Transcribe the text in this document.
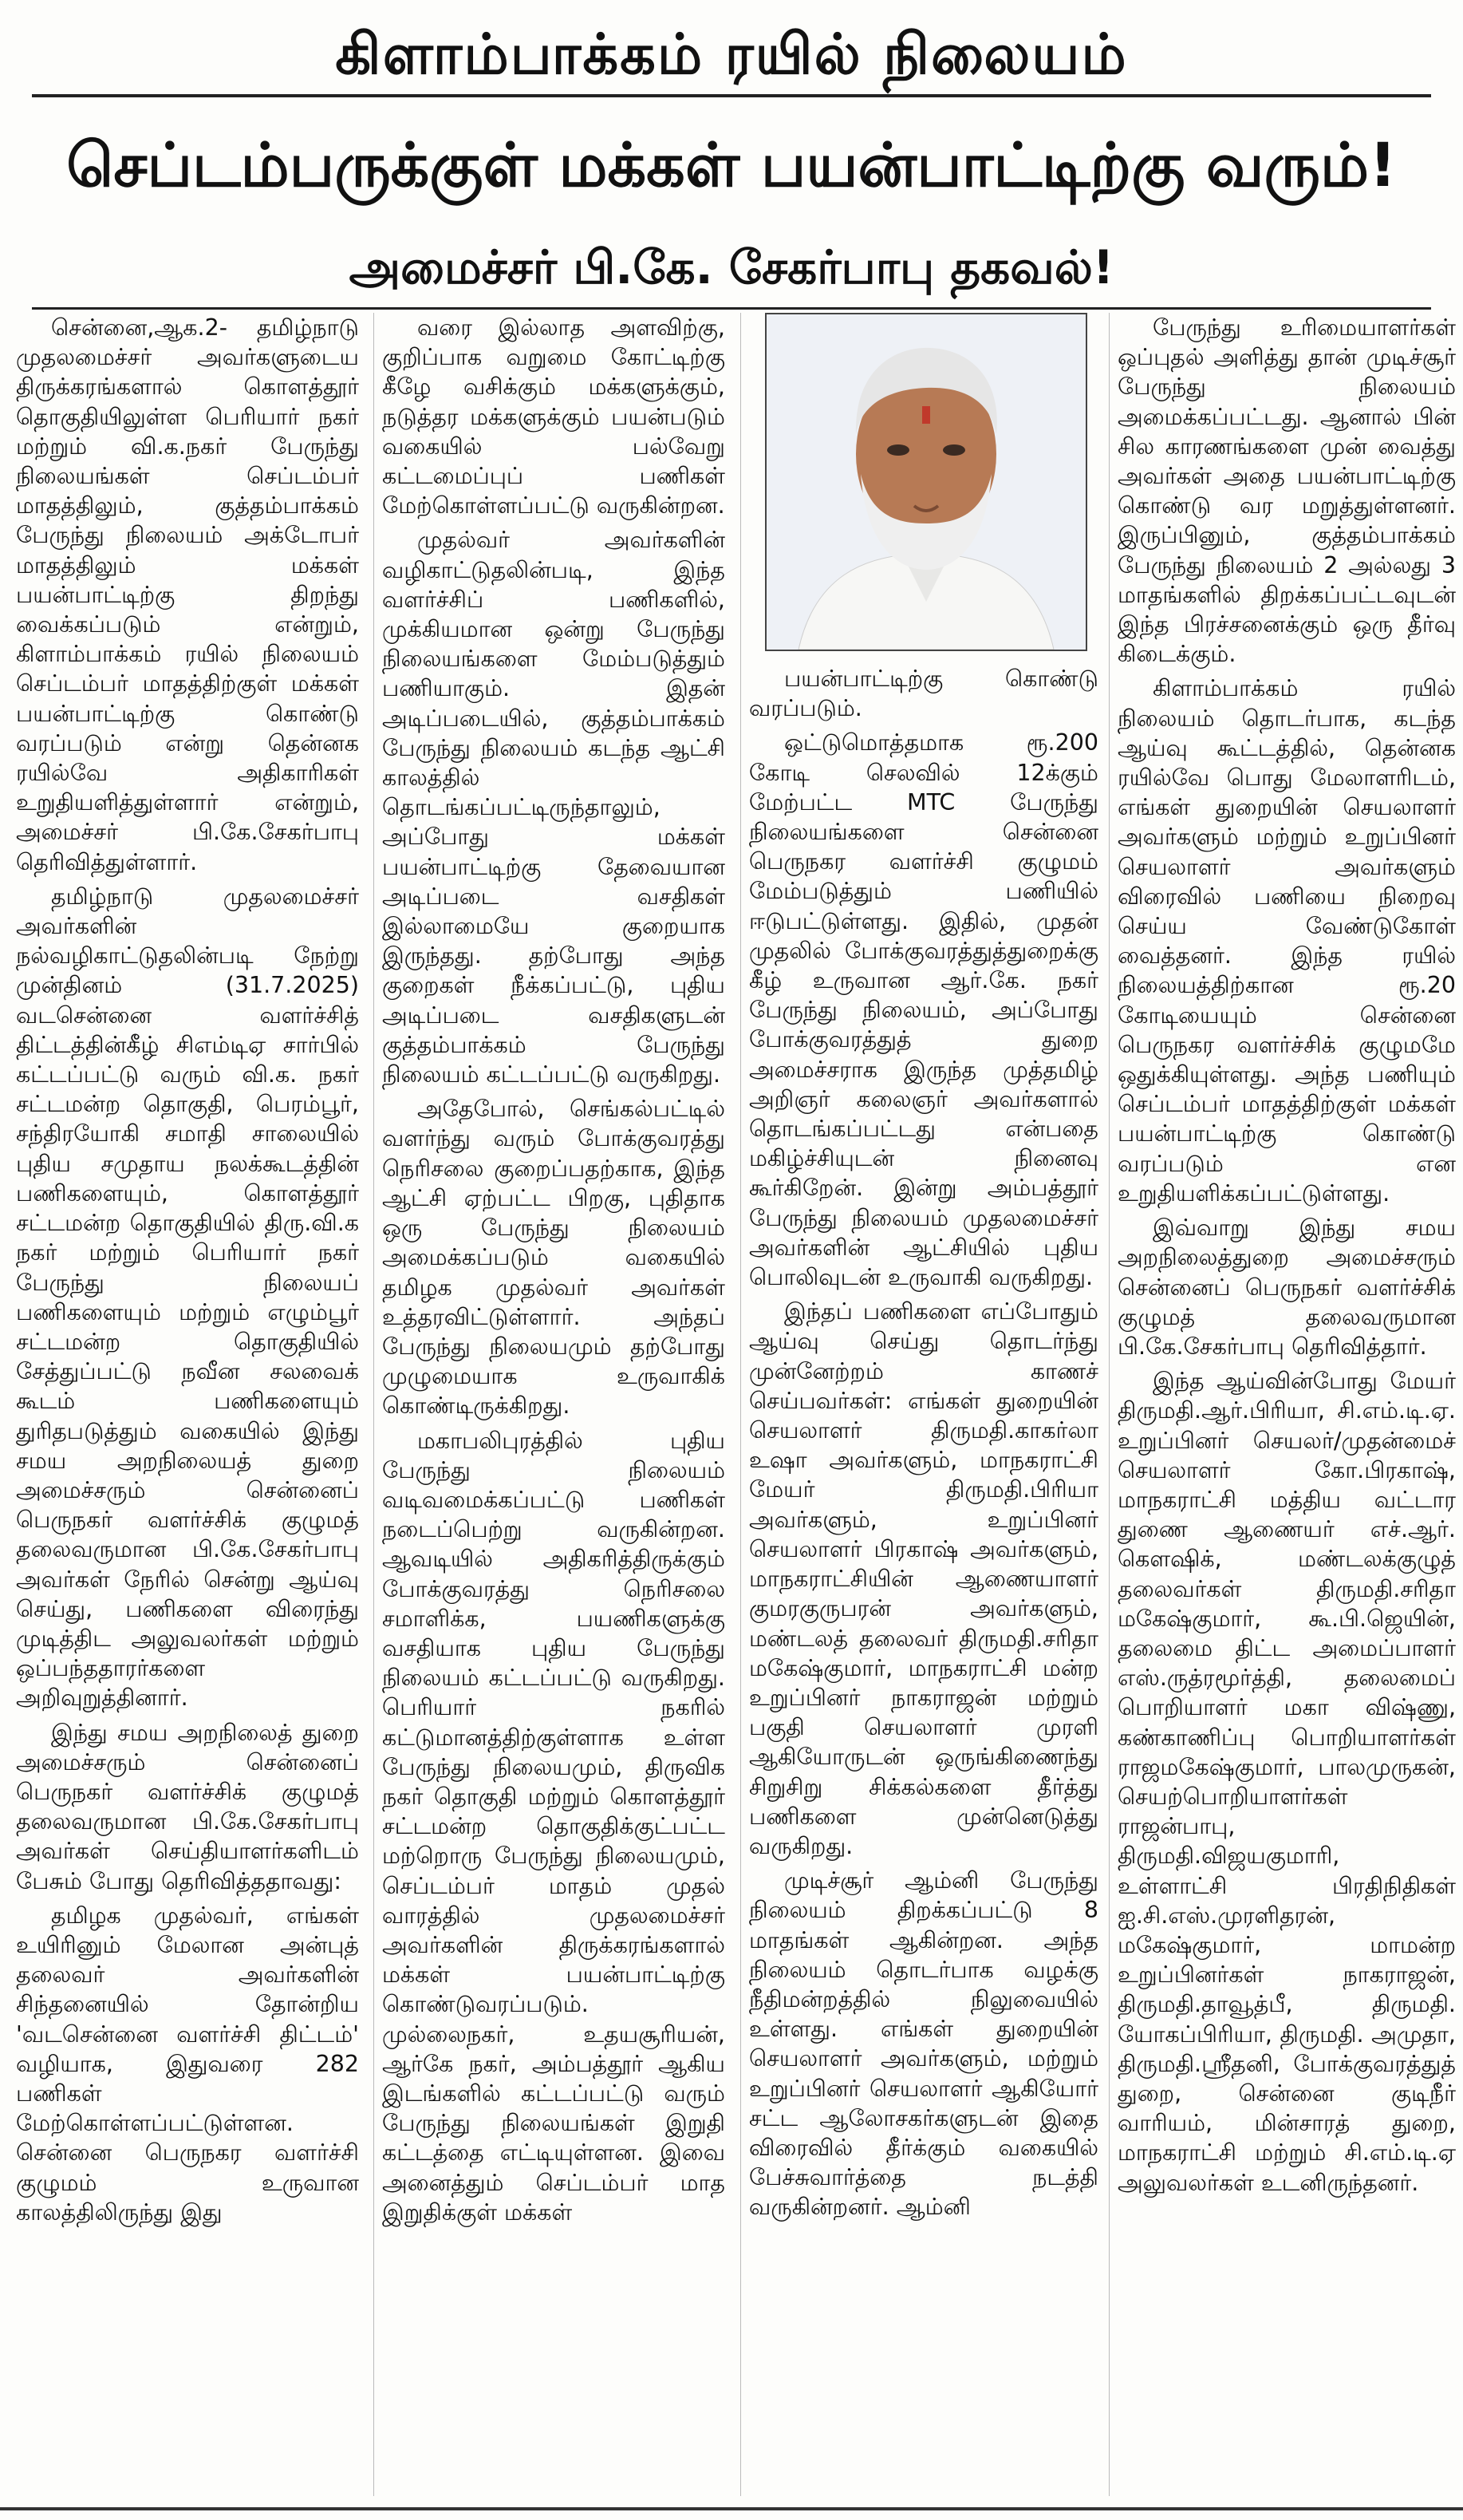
கிளாம்பாக்கம் ரயில் நிலையம்
செப்டம்பருக்குள் மக்கள் பயன்பாட்டிற்கு வரும்!
அமைச்சர் பி.கே. சேகர்பாபு தகவல்!

சென்னை,ஆக.2- தமிழ்நாடு முதலமைச்சர் அவர்களுடைய திருக்கரங்களால் கொளத்தூர் தொகுதியிலுள்ள பெரியார் நகர் மற்றும் வி.க.நகர் பேருந்து நிலையங்கள் செப்டம்பர் மாதத்திலும், குத்தம்பாக்கம் பேருந்து நிலையம் அக்டோபர் மாதத்திலும் மக்கள் பயன்பாட்டிற்கு திறந்து வைக்கப்படும் என்றும், கிளாம்பாக்கம் ரயில் நிலையம் செப்டம்பர் மாதத்திற்குள் மக்கள் பயன்பாட்டிற்கு கொண்டு வரப்படும் என்று தென்னக ரயில்வே அதிகாரிகள் உறுதியளித்துள்ளார் என்றும், அமைச்சர் பி.கே.சேகர்பாபு தெரிவித்துள்ளார்.

தமிழ்நாடு முதலமைச்சர் அவர்களின் நல்வழிகாட்டுதலின்படி நேற்று முன்தினம் (31.7.2025) வடசென்னை வளர்ச்சித் திட்டத்தின்கீழ் சிஎம்டிஏ சார்பில் கட்டப்பட்டு வரும் வி.க. நகர் சட்டமன்ற தொகுதி, பெரம்பூர், சந்திரயோகி சமாதி சாலையில் புதிய சமுதாய நலக்கூடத்தின் பணிகளையும், கொளத்தூர் சட்டமன்ற தொகுதியில் திரு.வி.க நகர் மற்றும் பெரியார் நகர் பேருந்து நிலையப் பணிகளையும் மற்றும் எழும்பூர் சட்டமன்ற தொகுதியில் சேத்துப்பட்டு நவீன சலவைக் கூடம் பணிகளையும் துரிதபடுத்தும் வகையில் இந்து சமய அறநிலையத் துறை அமைச்சரும் சென்னைப் பெருநகர் வளர்ச்சிக் குழுமத் தலைவருமான பி.கே.சேகர்பாபு அவர்கள் நேரில் சென்று ஆய்வு செய்து, பணிகளை விரைந்து முடித்திட அலுவலர்கள் மற்றும் ஒப்பந்ததாரர்களை அறிவுறுத்தினார்.

இந்து சமய அறநிலைத் துறை அமைச்சரும் சென்னைப் பெருநகர் வளர்ச்சிக் குழுமத் தலைவருமான பி.கே.சேகர்பாபு அவர்கள் செய்தியாளர்களிடம் பேசும் போது தெரிவித்ததாவது:

தமிழக முதல்வர், எங்கள் உயிரினும் மேலான அன்புத் தலைவர் அவர்களின் சிந்தனையில் தோன்றிய 'வடசென்னை வளர்ச்சி திட்டம்' வழியாக, இதுவரை 282 பணிகள் மேற்கொள்ளப்பட்டுள்ளன. சென்னை பெருநகர வளர்ச்சி குழுமம் உருவான காலத்திலிருந்து இது

வரை இல்லாத அளவிற்கு, குறிப்பாக வறுமை கோட்டிற்கு கீழே வசிக்கும் மக்களுக்கும், நடுத்தர மக்களுக்கும் பயன்படும் வகையில் பல்வேறு கட்டமைப்புப் பணிகள் மேற்கொள்ளப்பட்டு வருகின்றன.

முதல்வர் அவர்களின் வழிகாட்டுதலின்படி, இந்த வளர்ச்சிப் பணிகளில், முக்கியமான ஒன்று பேருந்து நிலையங்களை மேம்படுத்தும் பணியாகும். இதன் அடிப்படையில், குத்தம்பாக்கம் பேருந்து நிலையம் கடந்த ஆட்சி காலத்தில் தொடங்கப்பட்டிருந்தாலும், அப்போது மக்கள் பயன்பாட்டிற்கு தேவையான அடிப்படை வசதிகள் இல்லாமையே குறையாக இருந்தது. தற்போது அந்த குறைகள் நீக்கப்பட்டு, புதிய அடிப்படை வசதிகளுடன் குத்தம்பாக்கம் பேருந்து நிலையம் கட்டப்பட்டு வருகிறது.

அதேபோல், செங்கல்பட்டில் வளர்ந்து வரும் போக்குவரத்து நெரிசலை குறைப்பதற்காக, இந்த ஆட்சி ஏற்பட்ட பிறகு, புதிதாக ஒரு பேருந்து நிலையம் அமைக்கப்படும் வகையில் தமிழக முதல்வர் அவர்கள் உத்தரவிட்டுள்ளார். அந்தப் பேருந்து நிலையமும் தற்போது முழுமையாக உருவாகிக் கொண்டிருக்கிறது.

மகாபலிபுரத்தில் புதிய பேருந்து நிலையம் வடிவமைக்கப்பட்டு பணிகள் நடைப்பெற்று வருகின்றன. ஆவடியில் அதிகரித்திருக்கும் போக்குவரத்து நெரிசலை சமாளிக்க, பயணிகளுக்கு வசதியாக புதிய பேருந்து நிலையம் கட்டப்பட்டு வருகிறது. பெரியார் நகரில் கட்டுமானத்திற்குள்ளாக உள்ள பேருந்து நிலையமும், திருவிக நகர் தொகுதி மற்றும் கொளத்தூர் சட்டமன்ற தொகுதிக்குட்பட்ட மற்றொரு பேருந்து நிலையமும், செப்டம்பர் மாதம் முதல் வாரத்தில் முதலமைச்சர் அவர்களின் திருக்கரங்களால் மக்கள் பயன்பாட்டிற்கு கொண்டுவரப்படும். முல்லைநகர், உதயசூரியன், ஆர்கே நகர், அம்பத்தூர் ஆகிய இடங்களில் கட்டப்பட்டு வரும் பேருந்து நிலையங்கள் இறுதி கட்டத்தை எட்டியுள்ளன. இவை அனைத்தும் செப்டம்பர் மாத இறுதிக்குள் மக்கள்

பயன்பாட்டிற்கு கொண்டு வரப்படும்.

ஒட்டுமொத்தமாக ரூ.200 கோடி செலவில் 12க்கும் மேற்பட்ட MTC பேருந்து நிலையங்களை சென்னை பெருநகர வளர்ச்சி குழுமம் மேம்படுத்தும் பணியில் ஈடுபட்டுள்ளது. இதில், முதன் முதலில் போக்குவரத்துத்துறைக்கு கீழ் உருவான ஆர்.கே. நகர் பேருந்து நிலையம், அப்போது போக்குவரத்துத் துறை அமைச்சராக இருந்த முத்தமிழ் அறிஞர் கலைஞர் அவர்களால் தொடங்கப்பட்டது என்பதை மகிழ்ச்சியுடன் நினைவு கூர்கிறேன். இன்று அம்பத்தூர் பேருந்து நிலையம் முதலமைச்சர் அவர்களின் ஆட்சியில் புதிய பொலிவுடன் உருவாகி வருகிறது.

இந்தப் பணிகளை எப்போதும் ஆய்வு செய்து தொடர்ந்து முன்னேற்றம் காணச் செய்பவர்கள்: எங்கள் துறையின் செயலாளர் திருமதி.காகர்லா உஷா அவர்களும், மாநகராட்சி மேயர் திருமதி.பிரியா அவர்களும், உறுப்பினர் செயலாளர் பிரகாஷ் அவர்களும், மாநகராட்சியின் ஆணையாளர் குமரகுருபரன் அவர்களும், மண்டலத் தலைவர் திருமதி.சரிதா மகேஷ்குமார், மாநகராட்சி மன்ற உறுப்பினர் நாகராஜன் மற்றும் பகுதி செயலாளர் முரளி ஆகியோருடன் ஒருங்கிணைந்து சிறுசிறு சிக்கல்களை தீர்த்து பணிகளை முன்னெடுத்து வருகிறது.

முடிச்சூர் ஆம்னி பேருந்து நிலையம் திறக்கப்பட்டு 8 மாதங்கள் ஆகின்றன. அந்த நிலையம் தொடர்பாக வழக்கு நீதிமன்றத்தில் நிலுவையில் உள்ளது. எங்கள் துறையின் செயலாளர் அவர்களும், மற்றும் உறுப்பினர் செயலாளர் ஆகியோர் சட்ட ஆலோசகர்களுடன் இதை விரைவில் தீர்க்கும் வகையில் பேச்சுவார்த்தை நடத்தி வருகின்றனர். ஆம்னி

பேருந்து உரிமையாளர்கள் ஒப்புதல் அளித்து தான் முடிச்சூர் பேருந்து நிலையம் அமைக்கப்பட்டது. ஆனால் பின் சில காரணங்களை முன் வைத்து அவர்கள் அதை பயன்பாட்டிற்கு கொண்டு வர மறுத்துள்ளனர். இருப்பினும், குத்தம்பாக்கம் பேருந்து நிலையம் 2 அல்லது 3 மாதங்களில் திறக்கப்பட்டவுடன் இந்த பிரச்சனைக்கும் ஒரு தீர்வு கிடைக்கும்.

கிளாம்பாக்கம் ரயில் நிலையம் தொடர்பாக, கடந்த ஆய்வு கூட்டத்தில், தென்னக ரயில்வே பொது மேலாளரிடம், எங்கள் துறையின் செயலாளர் அவர்களும் மற்றும் உறுப்பினர் செயலாளர் அவர்களும் விரைவில் பணியை நிறைவு செய்ய வேண்டுகோள் வைத்தனர். இந்த ரயில் நிலையத்திற்கான ரூ.20 கோடியையும் சென்னை பெருநகர வளர்ச்சிக் குழுமமே ஒதுக்கியுள்ளது. அந்த பணியும் செப்டம்பர் மாதத்திற்குள் மக்கள் பயன்பாட்டிற்கு கொண்டு வரப்படும் என உறுதியளிக்கப்பட்டுள்ளது.

இவ்வாறு இந்து சமய அறநிலைத்துறை அமைச்சரும் சென்னைப் பெருநகர் வளர்ச்சிக் குழுமத் தலைவருமான பி.கே.சேகர்பாபு தெரிவித்தார்.

இந்த ஆய்வின்போது மேயர் திருமதி.ஆர்.பிரியா, சி.எம்.டி.ஏ. உறுப்பினர் செயலர்/முதன்மைச் செயலாளர் கோ.பிரகாஷ், மாநகராட்சி மத்திய வட்டார துணை ஆணையர் எச்.ஆர். கௌஷிக், மண்டலக்குழுத் தலைவர்கள் திருமதி.சரிதா மகேஷ்குமார், கூ.பி.ஜெயின், தலைமை திட்ட அமைப்பாளர் எஸ்.ருத்ரமூர்த்தி, தலைமைப் பொறியாளர் மகா விஷ்ணு, கண்காணிப்பு பொறியாளர்கள் ராஜமகேஷ்குமார், பாலமுருகன், செயற்பொறியாளர்கள் ராஜன்பாபு, திருமதி.விஜயகுமாரி, உள்ளாட்சி பிரதிநிதிகள் ஐ.சி.எஸ்.முரளிதரன், மகேஷ்குமார், மாமன்ற உறுப்பினர்கள் நாகராஜன், திருமதி.தாவூத்பீ, திருமதி. யோகப்பிரியா, திருமதி. அமுதா, திருமதி.ஸ்ரீதனி, போக்குவரத்துத் துறை, சென்னை குடிநீர் வாரியம், மின்சாரத் துறை, மாநகராட்சி மற்றும் சி.எம்.டி.ஏ அலுவலர்கள் உடனிருந்தனர்.
